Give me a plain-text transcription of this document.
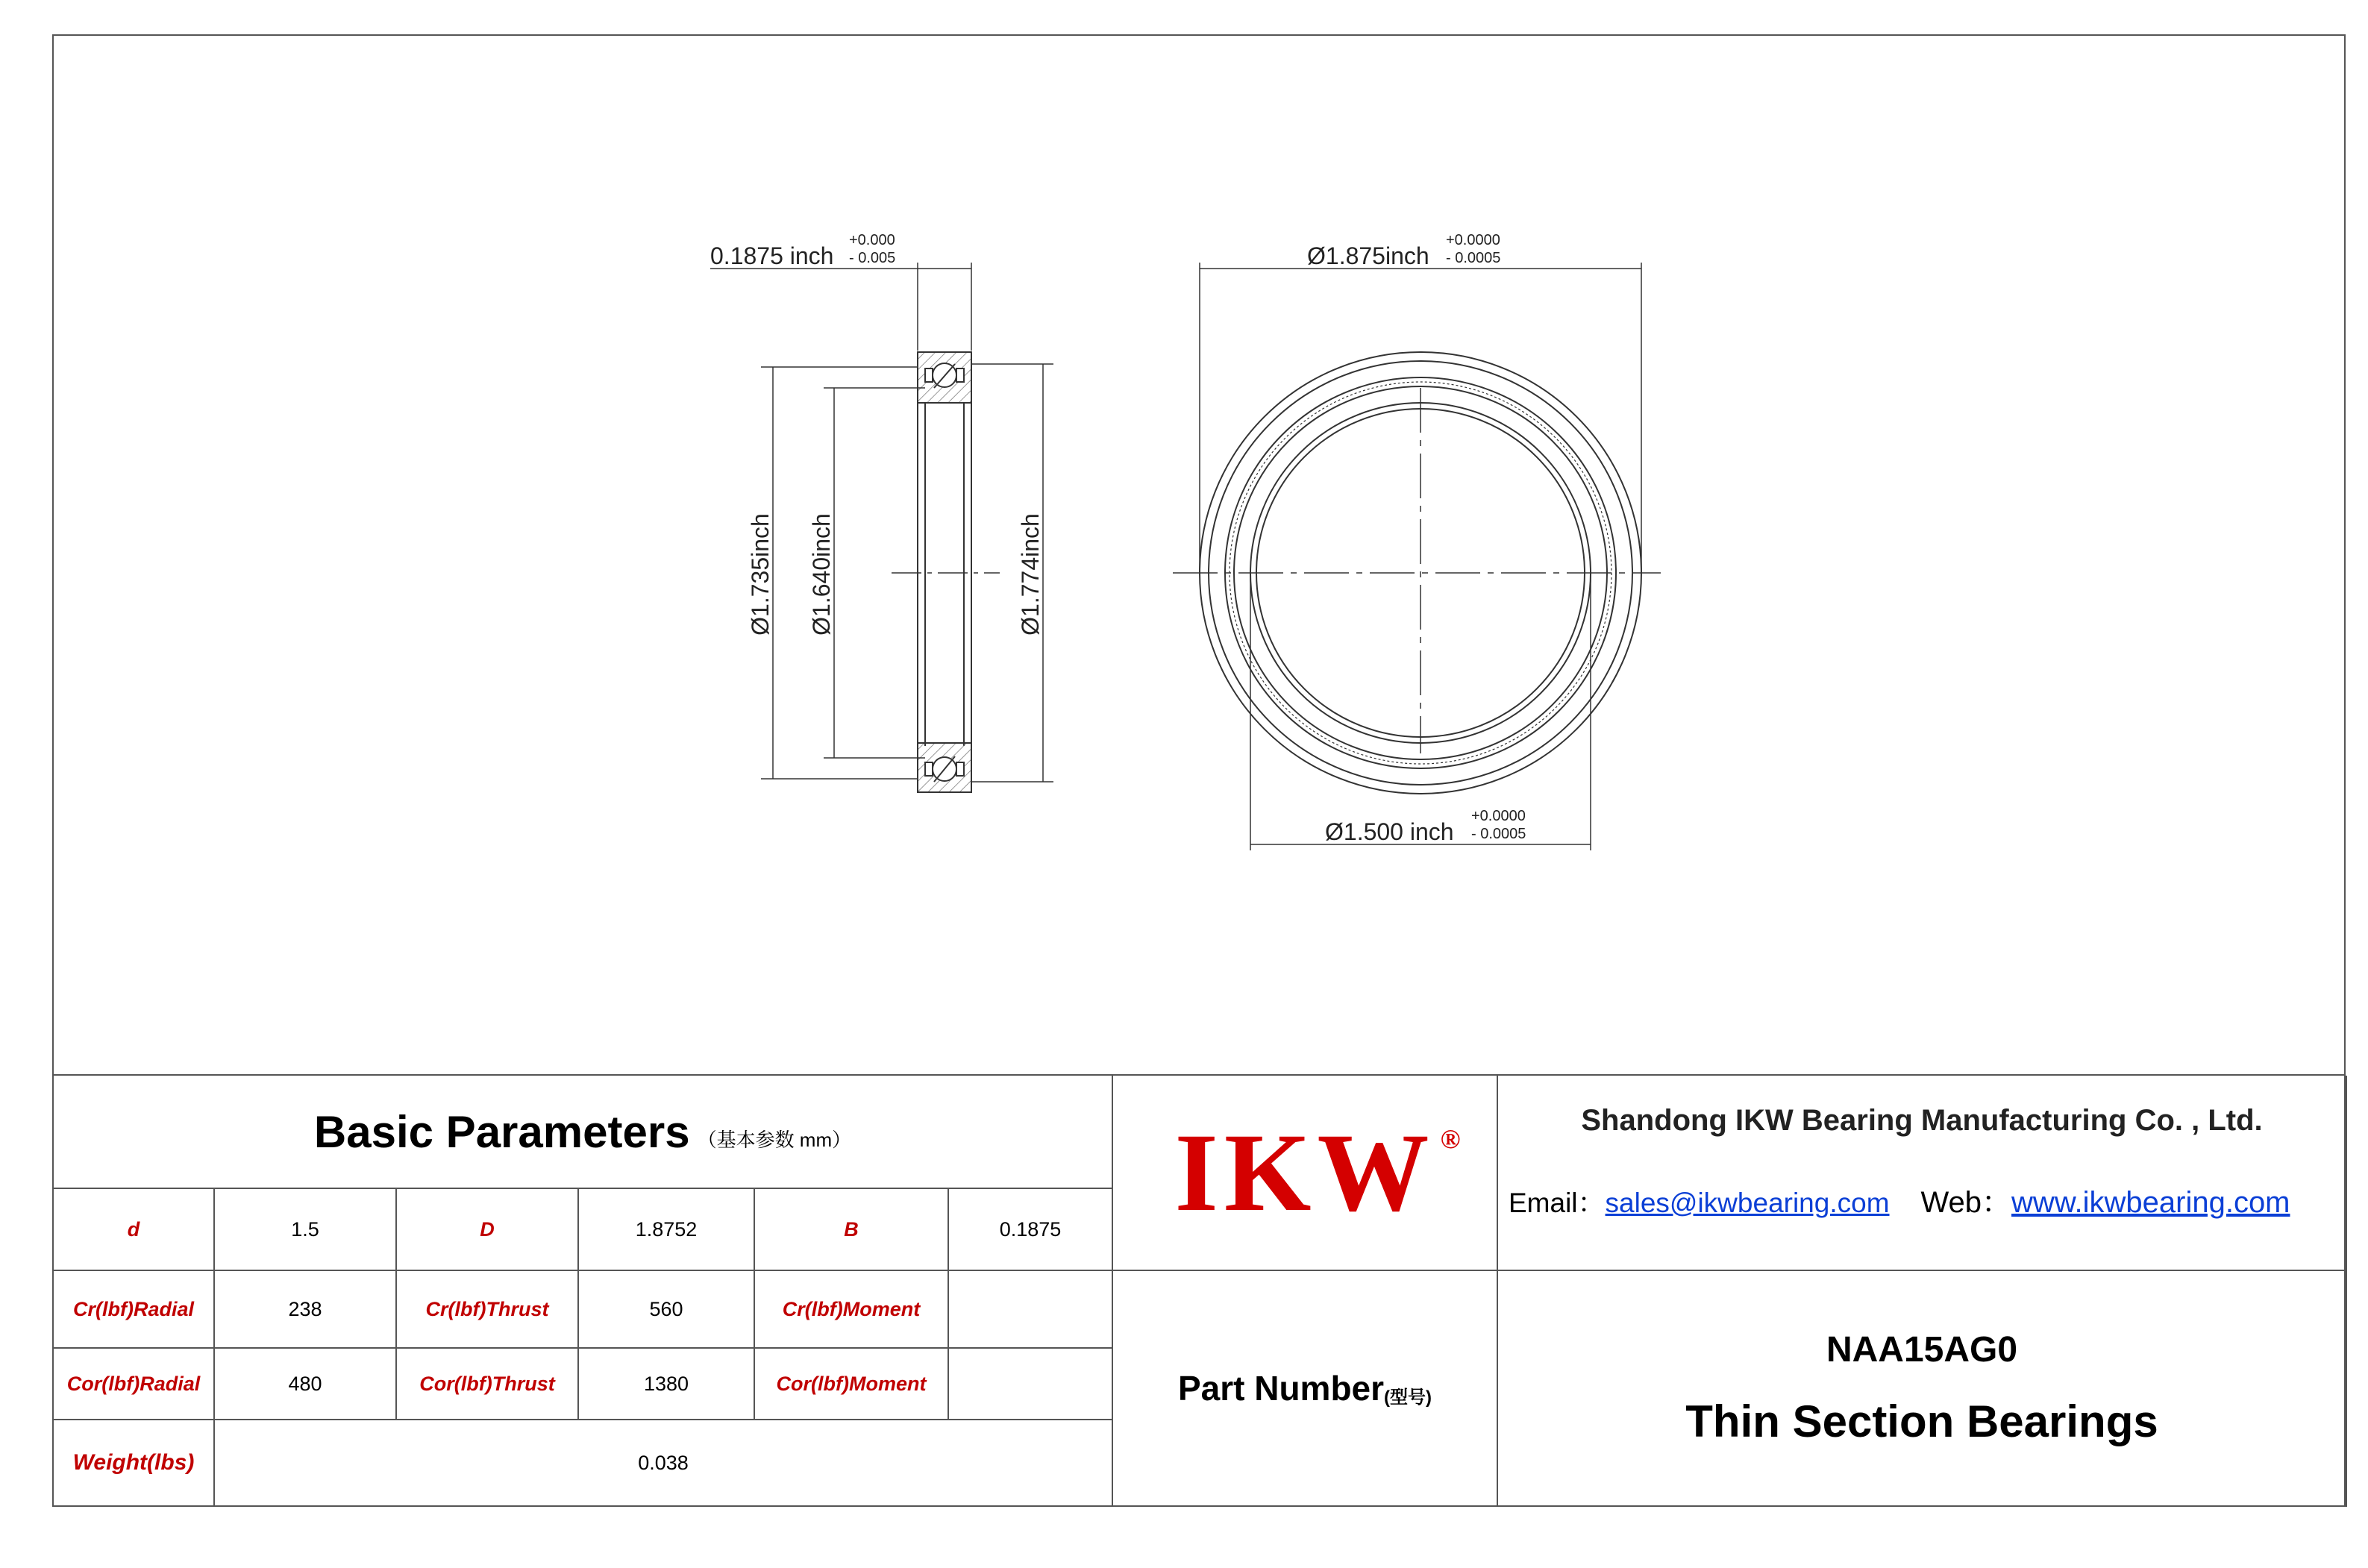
0.1875 inch
+0.000
- 0.005
Ø1.735inch Ø1.640inch	Ø1.774inch
Ø1.875inch
+0.0000
- 0.0005
Ø1.500 inch
+0.0000
- 0.0005
Basic Parameters （基本参数 mm）
d	1.5	D	1.8752	B	0.1875
Cr(lbf)Radial	238	Cr(lbf)Thrust	560	Cr(lbf)Moment
Cor(lbf)Radial	480	Cor(lbf)Thrust	1380	Cor(lbf)Moment
Weight(lbs)	0.038
IKW ®
Shandong IKW Bearing Manufacturing Co. , Ltd.
Email：sales@ikwbearing.com Web：www.ikwbearing.com
Part Number (型号)
NAA15AG0
Thin Section Bearings
